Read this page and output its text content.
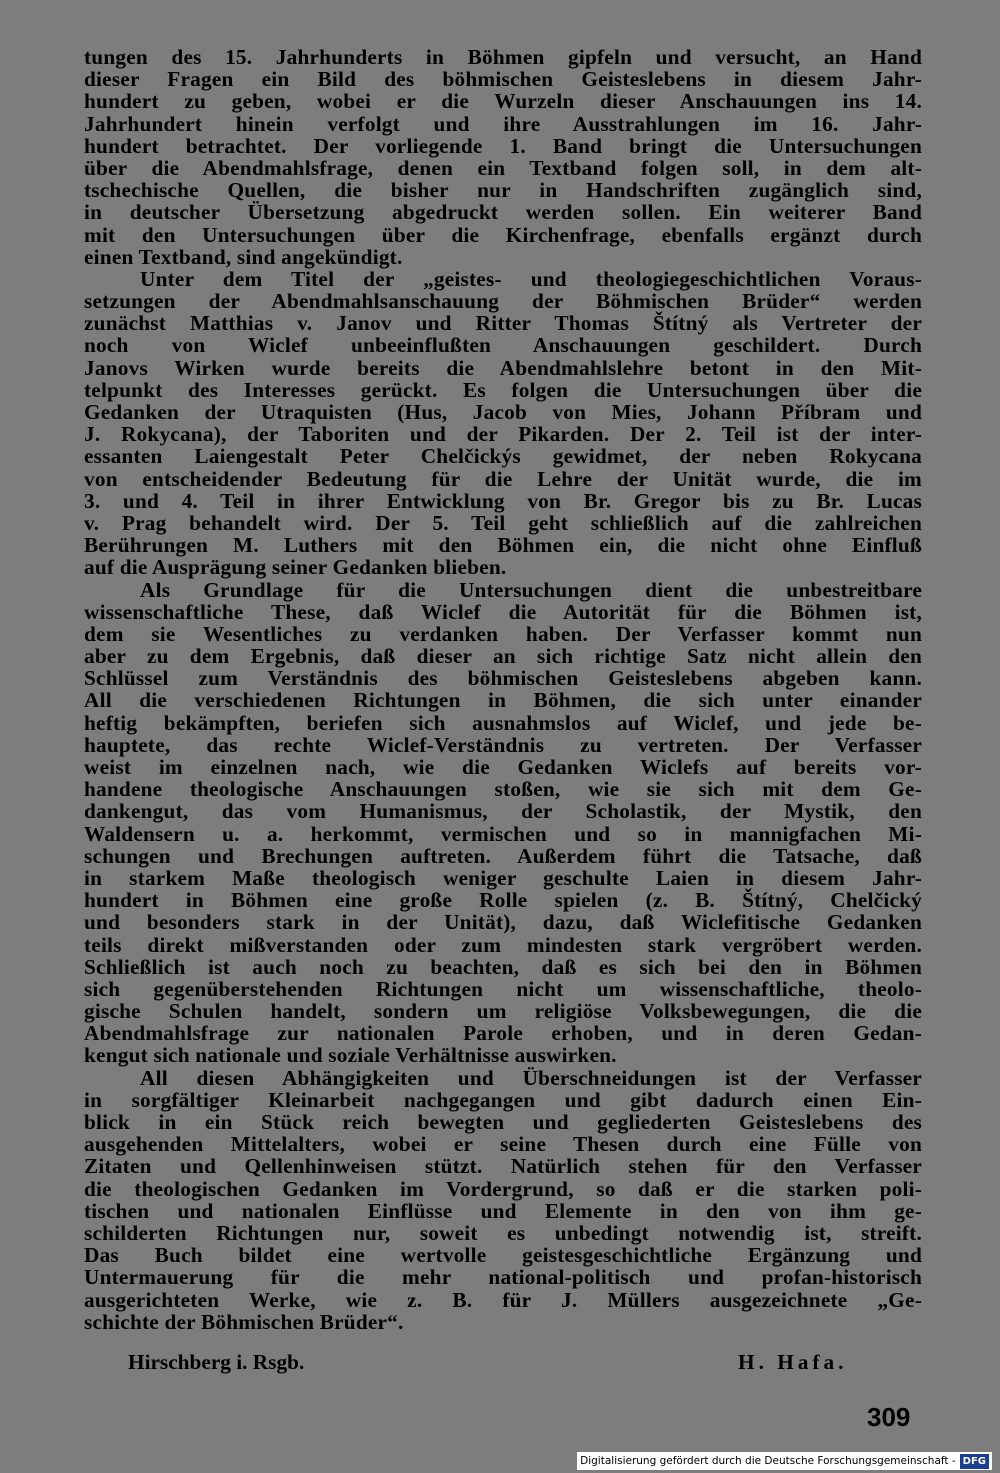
tungen des 15. Jahrhunderts in Böhmen gipfeln und versucht, an Hand
dieser Fragen ein Bild des böhmischen Geisteslebens in diesem Jahr-
hundert zu geben, wobei er die Wurzeln dieser Anschauungen ins 14.
Jahrhundert hinein verfolgt und ihre Ausstrahlungen im 16. Jahr-
hundert betrachtet. Der vorliegende 1. Band bringt die Untersuchungen
über die Abendmahlsfrage, denen ein Textband folgen soll, in dem alt-
tschechische Quellen, die bisher nur in Handschriften zugänglich sind,
in deutscher Übersetzung abgedruckt werden sollen. Ein weiterer Band
mit den Untersuchungen über die Kirchenfrage, ebenfalls ergänzt durch
einen Textband, sind angekündigt.
Unter dem Titel der „geistes- und theologiegeschichtlichen Voraus-
setzungen der Abendmahlsanschauung der Böhmischen Brüder“ werden
zunächst Matthias v. Janov und Ritter Thomas Štítný als Vertreter der
noch von Wiclef unbeeinflußten Anschauungen geschildert. Durch
Janovs Wirken wurde bereits die Abendmahlslehre betont in den Mit-
telpunkt des Interesses gerückt. Es folgen die Untersuchungen über die
Gedanken der Utraquisten (Hus, Jacob von Mies, Johann Příbram und
J. Rokycana), der Taboriten und der Pikarden. Der 2. Teil ist der inter-
essanten Laiengestalt Peter Chelčickýs gewidmet, der neben Rokycana
von entscheidender Bedeutung für die Lehre der Unität wurde, die im
3. und 4. Teil in ihrer Entwicklung von Br. Gregor bis zu Br. Lucas
v. Prag behandelt wird. Der 5. Teil geht schließlich auf die zahlreichen
Berührungen M. Luthers mit den Böhmen ein, die nicht ohne Einfluß
auf die Ausprägung seiner Gedanken blieben.
Als Grundlage für die Untersuchungen dient die unbestreitbare
wissenschaftliche These, daß Wiclef die Autorität für die Böhmen ist,
dem sie Wesentliches zu verdanken haben. Der Verfasser kommt nun
aber zu dem Ergebnis, daß dieser an sich richtige Satz nicht allein den
Schlüssel zum Verständnis des böhmischen Geisteslebens abgeben kann.
All die verschiedenen Richtungen in Böhmen, die sich unter einander
heftig bekämpften, beriefen sich ausnahmslos auf Wiclef, und jede be-
hauptete, das rechte Wiclef-Verständnis zu vertreten. Der Verfasser
weist im einzelnen nach, wie die Gedanken Wiclefs auf bereits vor-
handene theologische Anschauungen stoßen, wie sie sich mit dem Ge-
dankengut, das vom Humanismus, der Scholastik, der Mystik, den
Waldensern u. a. herkommt, vermischen und so in mannigfachen Mi-
schungen und Brechungen auftreten. Außerdem führt die Tatsache, daß
in starkem Maße theologisch weniger geschulte Laien in diesem Jahr-
hundert in Böhmen eine große Rolle spielen (z. B. Štítný, Chelčický
und besonders stark in der Unität), dazu, daß Wiclefitische Gedanken
teils direkt mißverstanden oder zum mindesten stark vergröbert werden.
Schließlich ist auch noch zu beachten, daß es sich bei den in Böhmen
sich gegenüberstehenden Richtungen nicht um wissenschaftliche, theolo-
gische Schulen handelt, sondern um religiöse Volksbewegungen, die die
Abendmahlsfrage zur nationalen Parole erhoben, und in deren Gedan-
kengut sich nationale und soziale Verhältnisse auswirken.
All diesen Abhängigkeiten und Überschneidungen ist der Verfasser
in sorgfältiger Kleinarbeit nachgegangen und gibt dadurch einen Ein-
blick in ein Stück reich bewegten und gegliederten Geisteslebens des
ausgehenden Mittelalters, wobei er seine Thesen durch eine Fülle von
Zitaten und Qellenhinweisen stützt. Natürlich stehen für den Verfasser
die theologischen Gedanken im Vordergrund, so daß er die starken poli-
tischen und nationalen Einflüsse und Elemente in den von ihm ge-
schilderten Richtungen nur, soweit es unbedingt notwendig ist, streift.
Das Buch bildet eine wertvolle geistesgeschichtliche Ergänzung und
Untermauerung für die mehr national-politisch und profan-historisch
ausgerichteten Werke, wie z. B. für J. Müllers ausgezeichnete „Ge-
schichte der Böhmischen Brüder“.
Hirschberg i. Rsgb.	H. Hafa.
309
Digitalisierung gefördert durch die Deutsche Forschungsgemeinschaft - DFG
